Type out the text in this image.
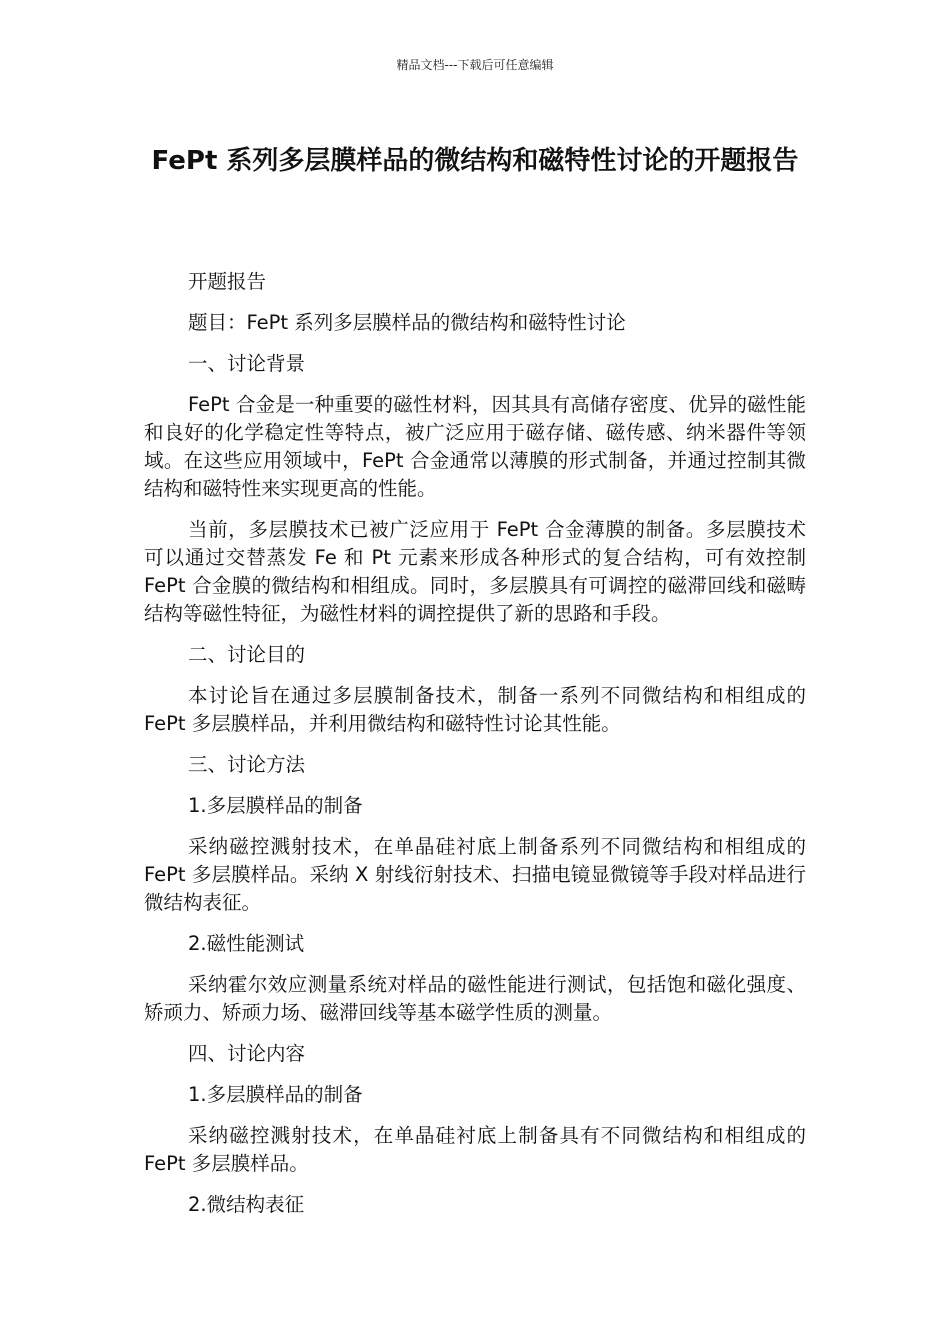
精品文档---下载后可任意编辑
FePt 系列多层膜样品的微结构和磁特性讨论的开题报告

开题报告

题目：FePt 系列多层膜样品的微结构和磁特性讨论

一、讨论背景

FePt 合金是一种重要的磁性材料，因其具有高储存密度、优异的磁性能和良好的化学稳定性等特点，被广泛应用于磁存储、磁传感、纳米器件等领域。在这些应用领域中，FePt 合金通常以薄膜的形式制备，并通过控制其微结构和磁特性来实现更高的性能。

当前，多层膜技术已被广泛应用于 FePt 合金薄膜的制备。多层膜技术可以通过交替蒸发 Fe 和 Pt 元素来形成各种形式的复合结构，可有效控制 FePt 合金膜的微结构和相组成。同时，多层膜具有可调控的磁滞回线和磁畴结构等磁性特征，为磁性材料的调控提供了新的思路和手段。

二、讨论目的

本讨论旨在通过多层膜制备技术，制备一系列不同微结构和相组成的 FePt 多层膜样品，并利用微结构和磁特性讨论其性能。

三、讨论方法

1.多层膜样品的制备

采纳磁控溅射技术，在单晶硅衬底上制备系列不同微结构和相组成的 FePt 多层膜样品。采纳 X 射线衍射技术、扫描电镜显微镜等手段对样品进行微结构表征。

2.磁性能测试

采纳霍尔效应测量系统对样品的磁性能进行测试，包括饱和磁化强度、矫顽力、矫顽力场、磁滞回线等基本磁学性质的测量。

四、讨论内容

1.多层膜样品的制备

采纳磁控溅射技术，在单晶硅衬底上制备具有不同微结构和相组成的 FePt 多层膜样品。

2.微结构表征
